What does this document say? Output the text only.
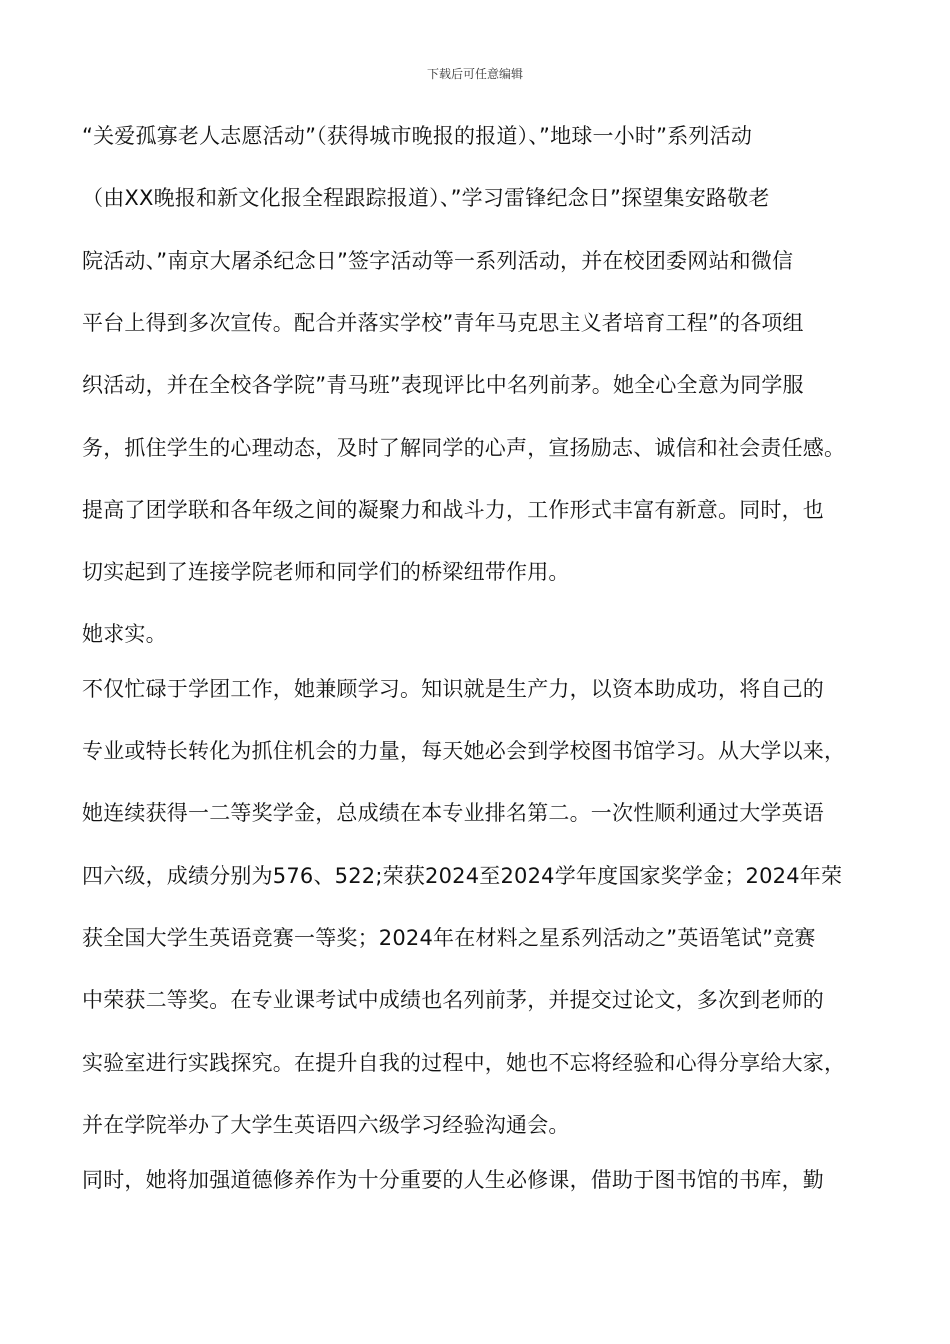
下载后可任意编辑
“关爱孤寡老人志愿活动”（获得城市晚报的报道）、”地球一小时”系列活动
（由XX晚报和新文化报全程跟踪报道）、”学习雷锋纪念日”探望集安路敬老
院活动、”南京大屠杀纪念日”签字活动等一系列活动，并在校团委网站和微信
平台上得到多次宣传。配合并落实学校”青年马克思主义者培育工程”的各项组
织活动，并在全校各学院”青马班”表现评比中名列前茅。她全心全意为同学服
务，抓住学生的心理动态，及时了解同学的心声，宣扬励志、诚信和社会责任感。
提高了团学联和各年级之间的凝聚力和战斗力，工作形式丰富有新意。同时，也
切实起到了连接学院老师和同学们的桥梁纽带作用。
她求实。
不仅忙碌于学团工作，她兼顾学习。知识就是生产力，以资本助成功，将自己的
专业或特长转化为抓住机会的力量，每天她必会到学校图书馆学习。从大学以来，
她连续获得一二等奖学金，总成绩在本专业排名第二。一次性顺利通过大学英语
四六级，成绩分别为576、522;荣获2024至2024学年度国家奖学金；2024年荣
获全国大学生英语竞赛一等奖；2024年在材料之星系列活动之”英语笔试”竞赛
中荣获二等奖。在专业课考试中成绩也名列前茅，并提交过论文，多次到老师的
实验室进行实践探究。在提升自我的过程中，她也不忘将经验和心得分享给大家，
并在学院举办了大学生英语四六级学习经验沟通会。
同时，她将加强道德修养作为十分重要的人生必修课，借助于图书馆的书库，勤
